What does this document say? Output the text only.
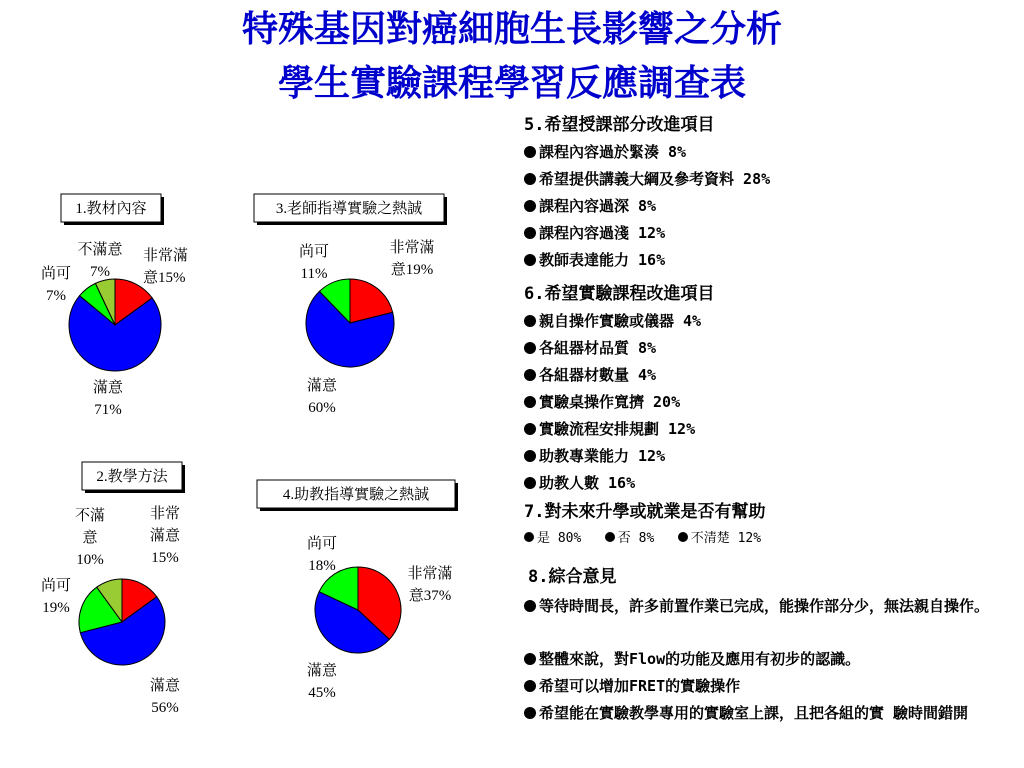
特殊基因對癌細胞生長影響之分析
學生實驗課程學習反應調查表
1.教材內容
非常滿意15%
滿意 71%
尚可 7%
不滿意 7%
2.教學方法
非常滿意 15%
滿意 56%
尚可 19%
不滿意 10%
3.老師指導實驗之熱誠
非常滿意19%
滿意 60%
尚可 11%
4.助教指導實驗之熱誠
非常滿意37%
滿意 45%
尚可 18%
5.希望授課部分改進項目
課程內容過於緊湊 8%
希望提供講義大綱及參考資料 28%
課程內容過深 8%
課程內容過淺 12%
教師表達能力 16%
6.希望實驗課程改進項目
親自操作實驗或儀器 4%
各組器材品質 8%
各組器材數量 4%
實驗桌操作寬擠 20%
實驗流程安排規劃 12%
助教專業能力 12%
助教人數 16%
7.對未來升學或就業是否有幫助
是 80%	否 8%	不清楚 12%
8.綜合意見
等待時間長，許多前置作業已完成，能操作部分少，無法親自操作。
整體來說，對Flow的功能及應用有初步的認識。
希望可以增加FRET的實驗操作
希望能在實驗教學專用的實驗室上課，且把各組的實 驗時間錯開
